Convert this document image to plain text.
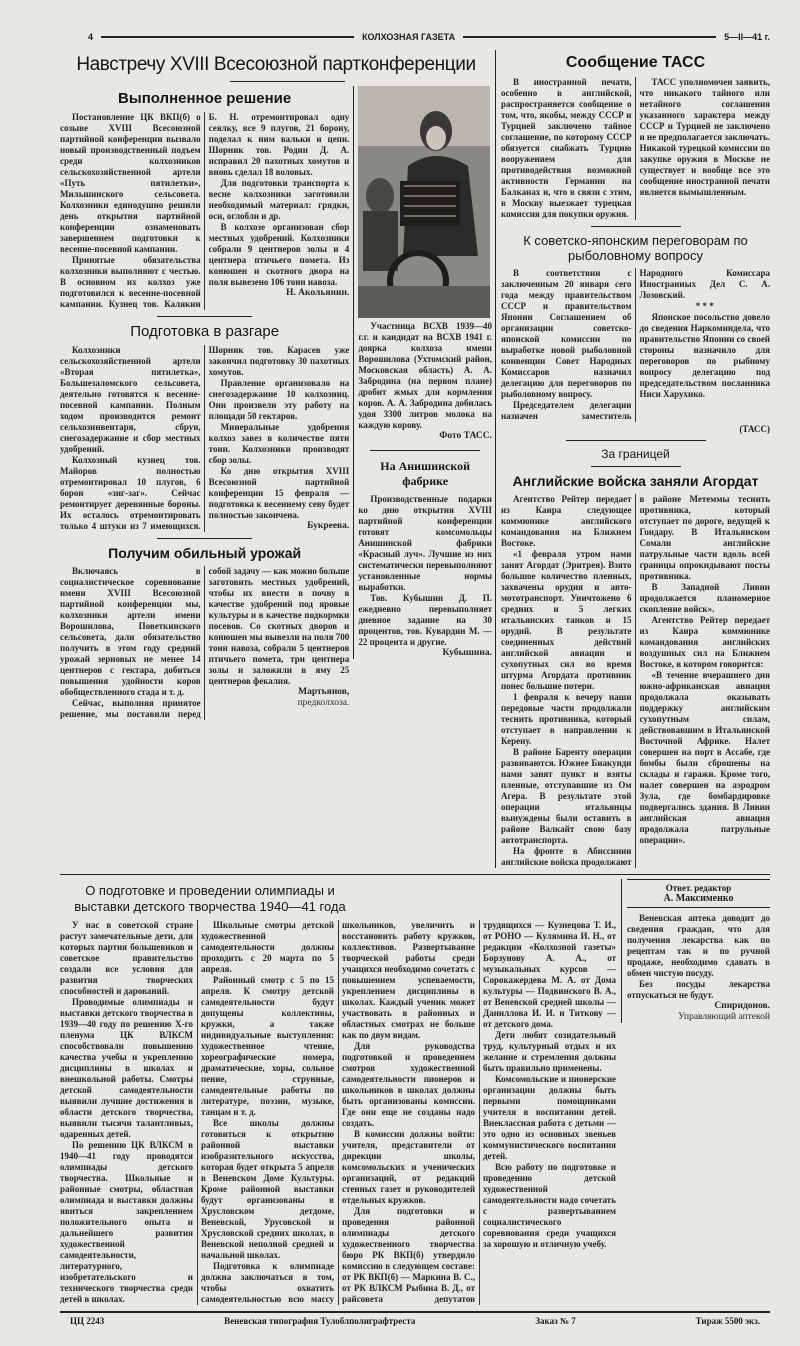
4	КОЛХОЗНАЯ ГАЗЕТА	5—II—41 г.
Навстречу XVIII Всесоюзной партконференции
Выполненное решение

Постановление ЦК ВКП(б) о созыве XVIII Всесоюзной партийной конференции вызвало новый производственный подъем среди колхозников сельскохозяйственной артели «Путь пятилетки», Мильшинского сельсовета. Колхозники единодушно решили день открытия партийной конференции ознаменовать завершением подготовки к весенне-посевной кампании.

Принятые обязательства колхозники выполняют с честью. В основном их колхоз уже подготовился к весенне-посевной кампании. Кузнец тов. Калякин Б. Н. отремонтировал одну сеялку, все 9 плугов, 21 борону, поделал к ним вальки и цепи. Шорник тов. Родин Д. А. исправил 20 пахотных хомутов и вновь сделал 18 воловых.

Для подготовки транспорта к весне колхозники заготовили необходимый материал: грядки, оси, оглобли и др.

В колхозе организован сбор местных удобрений. Колхозники собрали 9 центнеров золы и 4 центнера птичьего помета. Из конюшен и скотного двора на поля вывезено 106 тонн навоза.

Н. Акольянин.

Подготовка в разгаре

Колхозники сельскохозяйственной артели «Вторая пятилетка», Большезаломского сельсовета, деятельно готовятся к весенне-посевной кампании. Полным ходом производится ремонт сельхозинвентаря, сбруи, снегозадержание и сбор местных удобрений.

Колхозный кузнец тов. Майоров полностью отремонтировал 10 плугов, 6 борон «зиг-заг». Сейчас ремонтирует деревянные бороны. Их осталось отремонтировать только 4 штуки из 7 имеющихся. Шорник тов. Карасев уже закончил подготовку 30 пахотных хомутов.

Правление организовало на снегозадержание 10 колхозниц. Они произвели эту работу на площади 50 гектаров.

Минеральные удобрения колхоз завез в количестве пяти тонн. Колхозники производят сбор золы.

Ко дню открытия XVIII Всесоюзной партийной конференции 15 февраля — подготовка к весеннему севу будет полностью закончена.

Букреева.

Получим обильный урожай

Включаясь в социалистическое соревнование имени XVIII Всесоюзной партийной конференции мы, колхозники артели имени Ворошилова, Поветкинского сельсовета, дали обязательство получить в этом году средний урожай зерновых не менее 14 центнеров с гектара, добиться повышения удойности коров обобществленного стада и т. д.

Сейчас, выполняя принятое решение, мы поставили перед собой задачу — как можно больше заготовить местных удобрений, чтобы их внести в почву в качестве удобрений под яровые культуры и в качестве подкормки посевов. Со скотных дворов и конюшен мы вывезли на поля 700 тонн навоза, собрали 5 центнеров птичьего помета, три центнера золы и заложили в яму 25 центнеров фекалия.

Мартьянов,

предколхоза.

Участница ВСХВ 1939—40 г.г. и кандидат на ВСХВ 1941 г. доярка колхоза имени Ворошилова (Ухтомский район, Московская область) А. А. Забродина (на первом плане) дробит жмых для кормления коров. А. А. Забродина добилась удоя 3300 литров молока на каждую корову.

Фото ТАСС.

На Анишинской фабрике

Производственные подарки ко дню открытия XVIII партийной конференции готовят комсомольцы Анишинской фабрики «Красный луч». Лучшие из них систематически перевыполняют установленные нормы выработки.

Тов. Кубышин Д. П. ежедневно перевыполняет дневное задание на 30 процентов, тов. Кувардин М. — 22 процента и другие.

Кубышина.

Сообщение ТАСС

В иностранной печати, особенно в английской, распространяется сообщение о том, что, якобы, между СССР и Турцией заключено тайное соглашение, по которому СССР обязуется снабжать Турцию вооружением для противодействия возможной активности Германии на Балканах и, что в связи с этим, в Москву выезжает турецкая комиссия для покупки оружия.

ТАСС уполномочен заявить, что никакого тайного или нетайного соглашения указанного характера между СССР и Турцией не заключено и не предполагается заключать. Никакой турецкой комиссии по закупке оружия в Москве не существует и вообще все это сообщение иностранной печати является вымышленным.

К советско-японским переговорам по рыболовному вопросу

В соответствии с заключенным 20 января сего года между правительством СССР и правительством Японии Соглашением об организации советско-японской комиссии по выработке новой рыболовной конвенции Совет Народных Комиссаров назначил делегацию для переговоров по рыболовному вопросу.

Председателем делегации назначен заместитель Народного Комиссара Иностранных Дел С. А. Лозовский.

* * *

Японское посольство довело до сведения Наркоминдела, что правительство Японии со своей стороны назначило для переговоров по рыбному вопросу делегацию под председательством посланника Ниси Харухико.

(ТАСС)
За границей
Английские войска заняли Агордат

Агентство Рейтер передает из Каира следующее коммюнике английского командования на Ближнем Востоке.

«1 февраля утром нами занят Агордат (Эритрея). Взято большое количество пленных, захвачены орудия и авто-мототранспорт. Уничтожено 6 средних и 5 легких итальянских танков и 15 орудий. В результате соединенных действий английской авиации и сухопутных сил во время штурма Агордата противник понес большие потери.

1 февраля к вечеру наши передовые части продолжали теснить противника, который отступает в направлении к Керену.

В районе Баренту операции развиваются. Южнее Биакунди нами занят пункт и взяты пленные, отступавшие из Ом Агера. В результате этой операции итальянцы вынуждены были оставить в районе Валкайт свою базу автотранспорта.

На фронте в Абиссинии английские войска продолжают в районе Метеммы теснить противника, который отступает по дороге, ведущей к Гондару. В Итальянском Сомали английские патрульные части вдоль всей границы опрокидывают посты противника.

В Западной Ливии продолжается планомерное скопление войск».

Агентство Рейтер передает из Каира коммюнике командования английских воздушных сил на Ближнем Востоке, в котором говорится:

«В течение вчерашнего дня южно-африканская авиация продолжала оказывать поддержку английским сухопутным силам, действовавшим в Итальянской Восточной Африке. Налет совершен на порт в Ассабе, где бомбы были сброшены на склады и гаражи. Кроме того, налет совершен на аэродром Зула, где бомбардировке подвергались здания. В Ливии английская авиация продолжала патрульные операции».

О подготовке и проведении олимпиады и выставки детского творчества 1940—41 года

У нас в советской стране растут замечательные дети, для которых партия большевиков и советское правительство создали все условия для развития творческих способностей и дарований.

Проводимые олимпиады и выставки детского творчества в 1939—40 году по решению X-го пленума ЦК ВЛКСМ способствовали повышению качества учебы и укреплению дисциплины в школах и внешкольной работы. Смотры детской самодеятельности выявили лучшие достижения в области детского творчества, выявили тысячи талантливых, одаренных детей.

По решению ЦК ВЛКСМ в 1940—41 году проводятся олимпиады детского творчества. Школьные и районные смотры, областная олимпиада и выставки должны явиться закреплением положительного опыта и дальнейшего развития художественной самодеятельности, литературного, изобретательского и технического творчества среди детей в школах.

Школьные смотры детской художественной самодеятельности должны проходить с 20 марта по 5 апреля.

Районный смотр с 5 по 15 апреля. К смотру детской самодеятельности будут допущены коллективы, кружки, а также индивидуальные выступления: художественное чтение, хореографические номера, драматические, хоры, сольное пение, струнные, самодеятельные работы по литературе, поэзии, музыке, танцам и т. д.

Все школы должны готовиться к открытию районной выставки изобразительного искусства, которая будет открыта 5 апреля в Веневском Доме Культуры. Кроме районной выставки будут организованы в Хрусловском детдоме, Веневской, Урусовской и Хрусловской средних школах, в Веневской неполной средней и начальной школах.

Подготовка к олимпиаде должна заключаться в том, чтобы охватить самодеятельностью всю массу школьников, увеличить и восстановить работу кружков, коллективов. Развертывание творческой работы среди учащихся необходимо сочетать с повышением успеваемости, укреплением дисциплины в школах. Каждый ученик может участвовать в районных и областных смотрах не больше как по двум видам.

Для руководства подготовкой и проведением смотров художественной самодеятельности пионеров и школьников в школах должны быть организованы комиссии. Где они еще не созданы надо создать.

В комиссии должны войти: учителя, представители от дирекции школы, комсомольских и ученических организаций, от редакций стенных газет и руководителей отдельных кружков.

Для подготовки и проведения районной олимпиады детского художественного творчества бюро РК ВКП(б) утвердило комиссию в следующем составе: от РК ВКП(б) — Маркина В. С., от РК ВЛКСМ Рыбина В. Д., от райсовета депутатов трудящихся — Кузнецова Т. И., от РОНО — Кулямина И. Н., от редакции «Колхозной газеты» Борзунову А. А., от музыкальных курсов — Сорокажердева М. А. от Дома культуры — Подвинского В. А., от Веневской средней школы — Даниллова И. И. и Титкову — от детского дома.

Дети любят созидательный труд, культурный отдых и их желание и стремления должны быть правильно применены.

Комсомольские и пионерские организации должны быть первыми помощниками учителя в воспитании детей. Внеклассная работа с детьми — это одно из основных звеньев коммунистического воспитания детей.

Всю работу по подготовке и проведению детской художественной самодеятельности надо сочетать с развертыванием социалистического соревнования среди учащихся за хорошую и отличную учебу.

Ответ. редактор
А. Максименко

Веневская аптека доводит до сведения граждан, что для получения лекарства как по рецептам так и по ручной продаже, необходимо сдавать в обмен чистую посуду.

Без посуды лекарства отпускаться не будут.

Спиридонов.

Управляющий аптекой

ЦЦ 2243	Веневская типография Тулоблполиграфтреста	Заказ № 7	Тираж 5500 экз.
